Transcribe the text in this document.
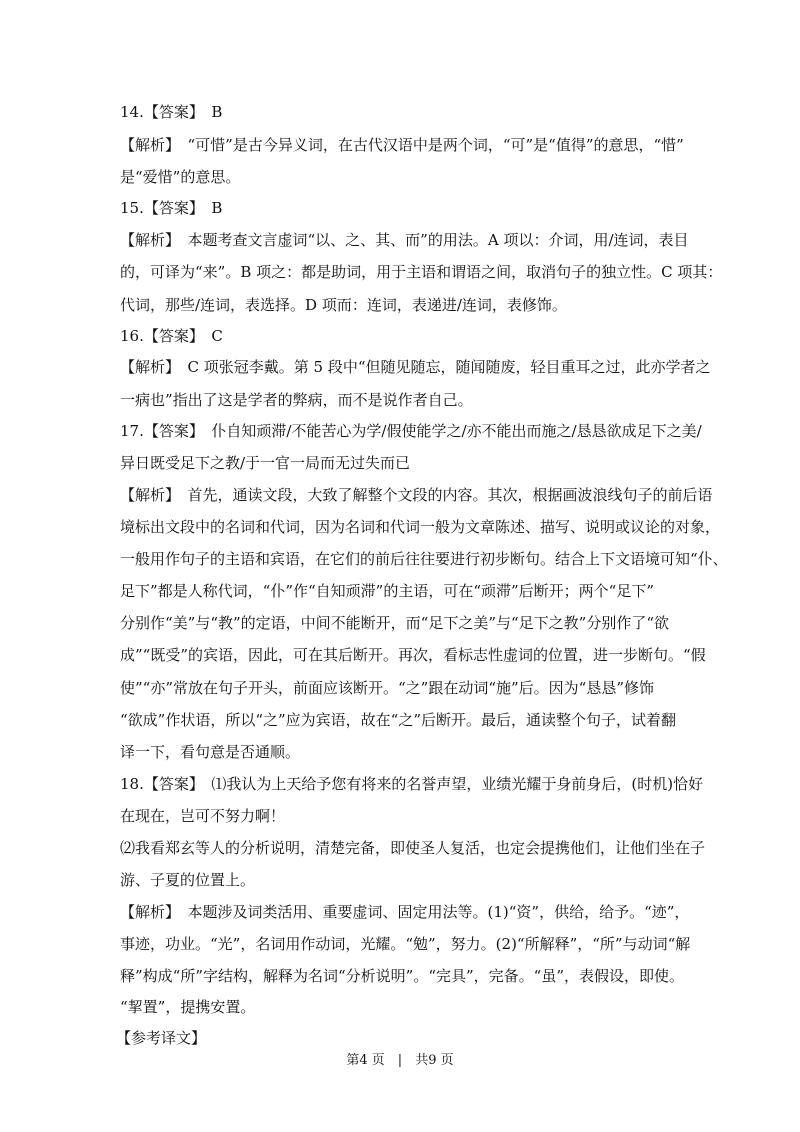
14.【答案】　B
【解析】　“可惜”是古今异义词，在古代汉语中是两个词，“可”是“值得”的意思，“惜”
是“爱惜”的意思。
15.【答案】　B
【解析】　本题考查文言虚词“以、之、其、而”的用法。A 项以：介词，用/连词，表目
的，可译为“来”。B 项之：都是助词，用于主语和谓语之间，取消句子的独立性。C 项其：
代词，那些/连词，表选择。D 项而：连词，表递进/连词，表修饰。
16.【答案】　C
【解析】　C 项张冠李戴。第 5 段中“但随见随忘，随闻随废，轻目重耳之过，此亦学者之
一病也”指出了这是学者的弊病，而不是说作者自己。
17.【答案】　仆自知顽滞/不能苦心为学/假使能学之/亦不能出而施之/恳恳欲成足下之美/
异日既受足下之教/于一官一局而无过失而已
【解析】　首先，通读文段，大致了解整个文段的内容。其次，根据画波浪线句子的前后语
境标出文段中的名词和代词，因为名词和代词一般为文章陈述、描写、说明或议论的对象，
一般用作句子的主语和宾语，在它们的前后往往要进行初步断句。结合上下文语境可知“仆、
足下”都是人称代词，“仆”作“自知顽滞”的主语，可在“顽滞”后断开；两个“足下”
分别作“美”与“教”的定语，中间不能断开，而“足下之美”与“足下之教”分别作了“欲
成”“既受”的宾语，因此，可在其后断开。再次，看标志性虚词的位置，进一步断句。“假
使”“亦”常放在句子开头，前面应该断开。“之”跟在动词“施”后。因为“恳恳”修饰
“欲成”作状语，所以“之”应为宾语，故在“之”后断开。最后，通读整个句子，试着翻
译一下，看句意是否通顺。
18.【答案】　⑴我认为上天给予您有将来的名誉声望，业绩光耀于身前身后，(时机)恰好
在现在，岂可不努力啊！
⑵我看郑玄等人的分析说明，清楚完备，即使圣人复活，也定会提携他们，让他们坐在子
游、子夏的位置上。
【解析】　本题涉及词类活用、重要虚词、固定用法等。(1)“资”，供给，给予。“迹”，
事迹，功业。“光”，名词用作动词，光耀。“勉”，努力。(2)“所解释”，“所”与动词“解
释”构成“所”字结构，解释为名词“分析说明”。“完具”，完备。“虽”，表假设，即使。
“挈置”，提携安置。
【参考译文】
第4 页　|　共9 页
